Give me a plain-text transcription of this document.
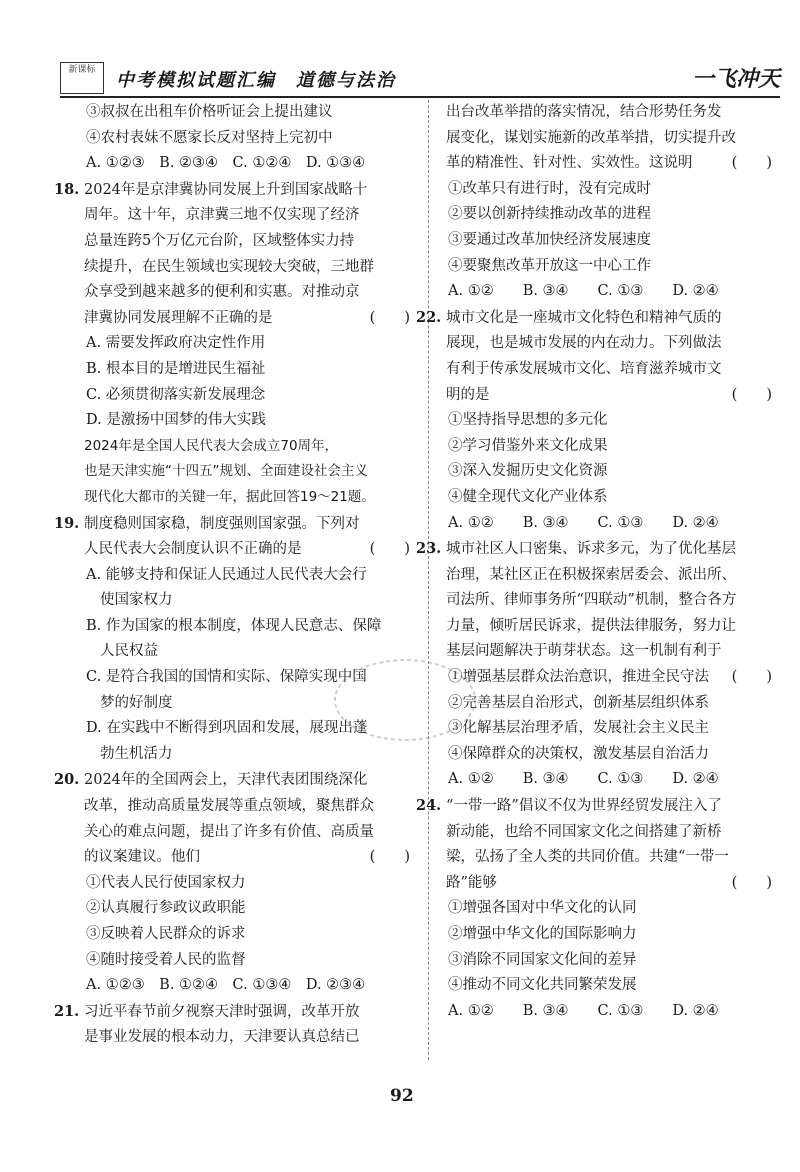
新课标	中考模拟试题汇编　道德与法治	一飞冲天
③叔叔在出租车价格听证会上提出建议
④农村表妹不愿家长反对坚持上完初中
A. ①②③　B. ②③④　C. ①②④　D. ①③④
18. 2024年是京津冀协同发展上升到国家战略十
周年。这十年，京津冀三地不仅实现了经济
总量连跨5个万亿元台阶，区域整体实力持
续提升，在民生领域也实现较大突破，三地群
众享受到越来越多的便利和实惠。对推动京
津冀协同发展理解不正确的是	(　　)
A. 需要发挥政府决定性作用
B. 根本目的是增进民生福祉
C. 必须贯彻落实新发展理念
D. 是激扬中国梦的伟大实践
2024年是全国人民代表大会成立70周年，
也是天津实施“十四五”规划、全面建设社会主义
现代化大都市的关键一年，据此回答19～21题。
19. 制度稳则国家稳，制度强则国家强。下列对
人民代表大会制度认识不正确的是	(　　)
A. 能够支持和保证人民通过人民代表大会行
使国家权力
B. 作为国家的根本制度，体现人民意志、保障
人民权益
C. 是符合我国的国情和实际、保障实现中国
梦的好制度
D. 在实践中不断得到巩固和发展，展现出蓬
勃生机活力
20. 2024年的全国两会上，天津代表团围绕深化
改革，推动高质量发展等重点领域，聚焦群众
关心的难点问题，提出了许多有价值、高质量
的议案建议。他们	(　　)
①代表人民行使国家权力
②认真履行参政议政职能
③反映着人民群众的诉求
④随时接受着人民的监督
A. ①②③　B. ①②④　C. ①③④　D. ②③④
21. 习近平春节前夕视察天津时强调，改革开放
是事业发展的根本动力，天津要认真总结已
出台改革举措的落实情况，结合形势任务发
展变化，谋划实施新的改革举措，切实提升改
革的精准性、针对性、实效性。这说明	(　　)
①改革只有进行时，没有完成时
②要以创新持续推动改革的进程
③要通过改革加快经济发展速度
④要聚焦改革开放这一中心工作
A. ①②　　B. ③④　　C. ①③　　D. ②④
22. 城市文化是一座城市文化特色和精神气质的
展现，也是城市发展的内在动力。下列做法
有利于传承发展城市文化、培育滋养城市文
明的是	(　　)
①坚持指导思想的多元化
②学习借鉴外来文化成果
③深入发掘历史文化资源
④健全现代文化产业体系
A. ①②　　B. ③④　　C. ①③　　D. ②④
23. 城市社区人口密集、诉求多元，为了优化基层
治理，某社区正在积极探索居委会、派出所、
司法所、律师事务所“四联动”机制，整合各方
力量，倾听居民诉求，提供法律服务，努力让
基层问题解决于萌芽状态。这一机制有利于
(　　)
①增强基层群众法治意识，推进全民守法
②完善基层自治形式，创新基层组织体系
③化解基层治理矛盾，发展社会主义民主
④保障群众的决策权，激发基层自治活力
A. ①②　　B. ③④　　C. ①③　　D. ②④
24. “一带一路”倡议不仅为世界经贸发展注入了
新动能，也给不同国家文化之间搭建了新桥
梁，弘扬了全人类的共同价值。共建“一带一
路”能够	(　　)
①增强各国对中华文化的认同
②增强中华文化的国际影响力
③消除不同国家文化间的差异
④推动不同文化共同繁荣发展
A. ①②　　B. ③④　　C. ①③　　D. ②④
92
